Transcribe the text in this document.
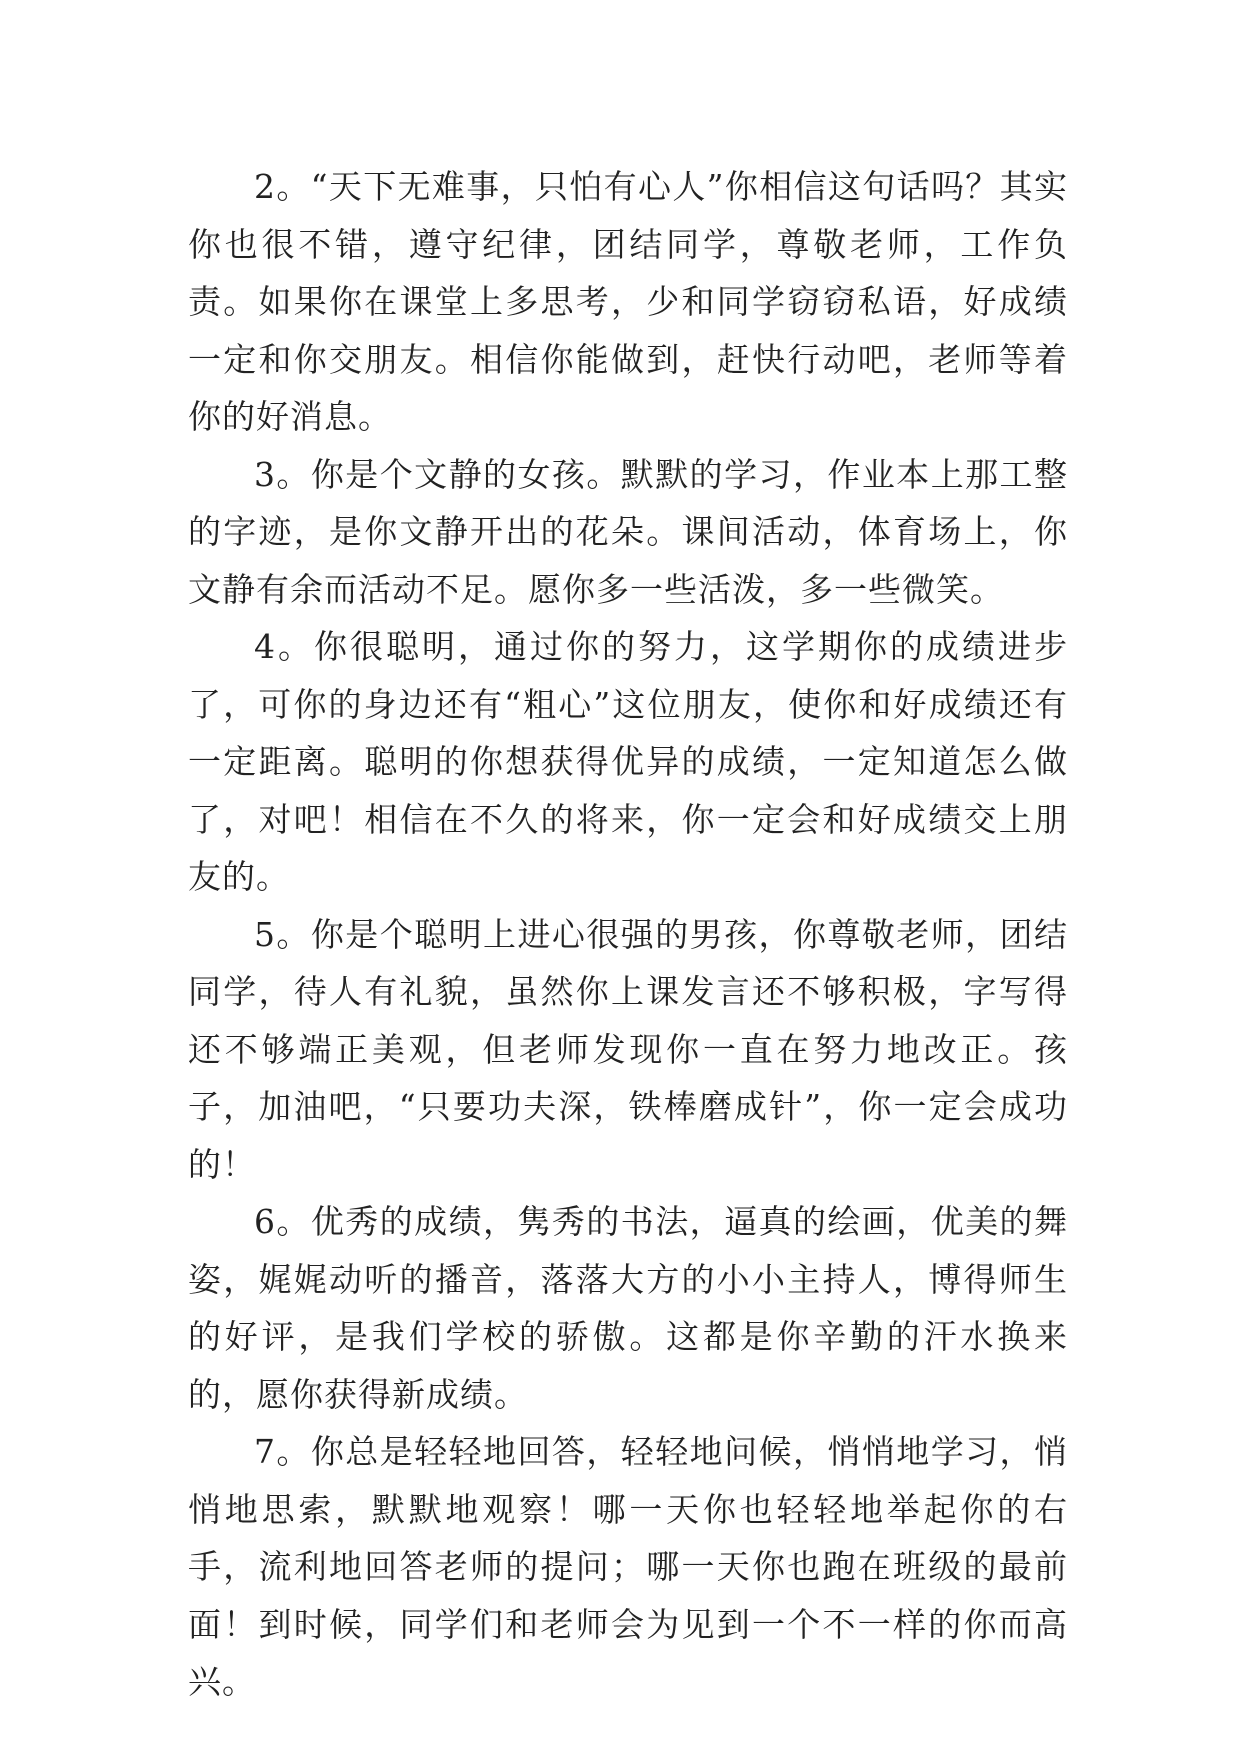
2。“天下无难事，只怕有心人”你相信这句话吗？其实你也很不错，遵守纪律，团结同学，尊敬老师，工作负责。如果你在课堂上多思考，少和同学窃窃私语，好成绩一定和你交朋友。相信你能做到，赶快行动吧，老师等着你的好消息。

3。你是个文静的女孩。默默的学习，作业本上那工整的字迹，是你文静开出的花朵。课间活动，体育场上，你文静有余而活动不足。愿你多一些活泼，多一些微笑。

4。你很聪明，通过你的努力，这学期你的成绩进步了，可你的身边还有“粗心”这位朋友，使你和好成绩还有一定距离。聪明的你想获得优异的成绩，一定知道怎么做了，对吧！相信在不久的将来，你一定会和好成绩交上朋友的。

5。你是个聪明上进心很强的男孩，你尊敬老师，团结同学，待人有礼貌，虽然你上课发言还不够积极，字写得还不够端正美观，但老师发现你一直在努力地改正。孩子，加油吧，“只要功夫深，铁棒磨成针”，你一定会成功的！

6。优秀的成绩，隽秀的书法，逼真的绘画，优美的舞姿，娓娓动听的播音，落落大方的小小主持人，博得师生的好评，是我们学校的骄傲。这都是你辛勤的汗水换来的，愿你获得新成绩。

7。你总是轻轻地回答，轻轻地问候，悄悄地学习，悄悄地思索，默默地观察！哪一天你也轻轻地举起你的右手，流利地回答老师的提问；哪一天你也跑在班级的最前面！到时候，同学们和老师会为见到一个不一样的你而高兴。
